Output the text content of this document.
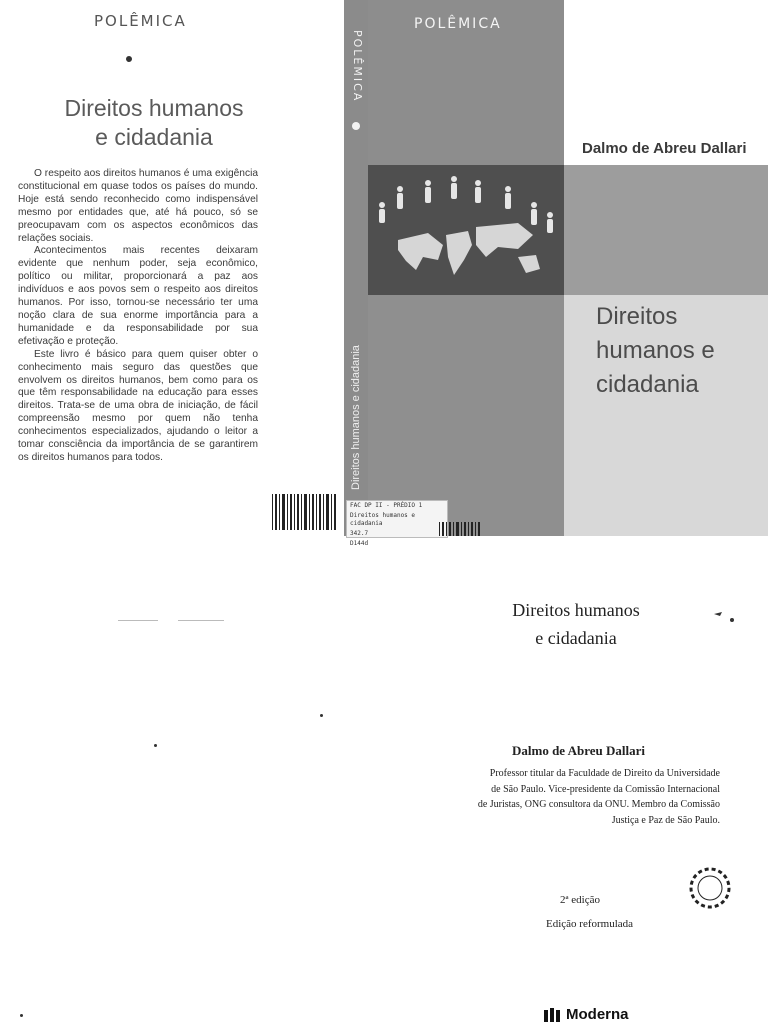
POLÊMICA
Direitos humanos
e cidadania

O respeito aos direitos humanos é uma exigência constitucional em quase todos os países do mundo. Hoje está sendo reconhecido como indispensável mesmo por entidades que, até há pouco, só se preocupavam com os aspectos econômicos das relações sociais.

Acontecimentos mais recentes deixaram evidente que nenhum poder, seja econômico, político ou militar, proporcionará a paz aos indivíduos e aos povos sem o respeito aos direitos humanos. Por isso, tornou-se necessário ter uma noção clara de sua enorme importância para a humanidade e da responsabilidade por sua efetivação e proteção.

Este livro é básico para quem quiser obter o conhecimento mais seguro das questões que envolvem os direitos humanos, bem como para os que têm responsabilidade na educação para esses direitos. Trata-se de uma obra de iniciação, de fácil compreensão mesmo por quem não tenha conhecimentos especializados, ajudando o leitor a tomar consciência da importância de se garantirem os direitos humanos para todos.

POLÊMICA
Direitos humanos e cidadania
POLÊMICA
Dalmo de Abreu Dallari
Direitos
humanos e
cidadania
FAC DP II - PRÉDIO 1
Direitos humanos e cidadania
342.7
D144d
Direitos humanos
e cidadania
Dalmo de Abreu Dallari
Professor titular da Faculdade de Direito da Universidade
de São Paulo. Vice-presidente da Comissão Internacional
de Juristas, ONG consultora da ONU. Membro da Comissão
Justiça e Paz de São Paulo.
2ª edição
Edição reformulada
Moderna
